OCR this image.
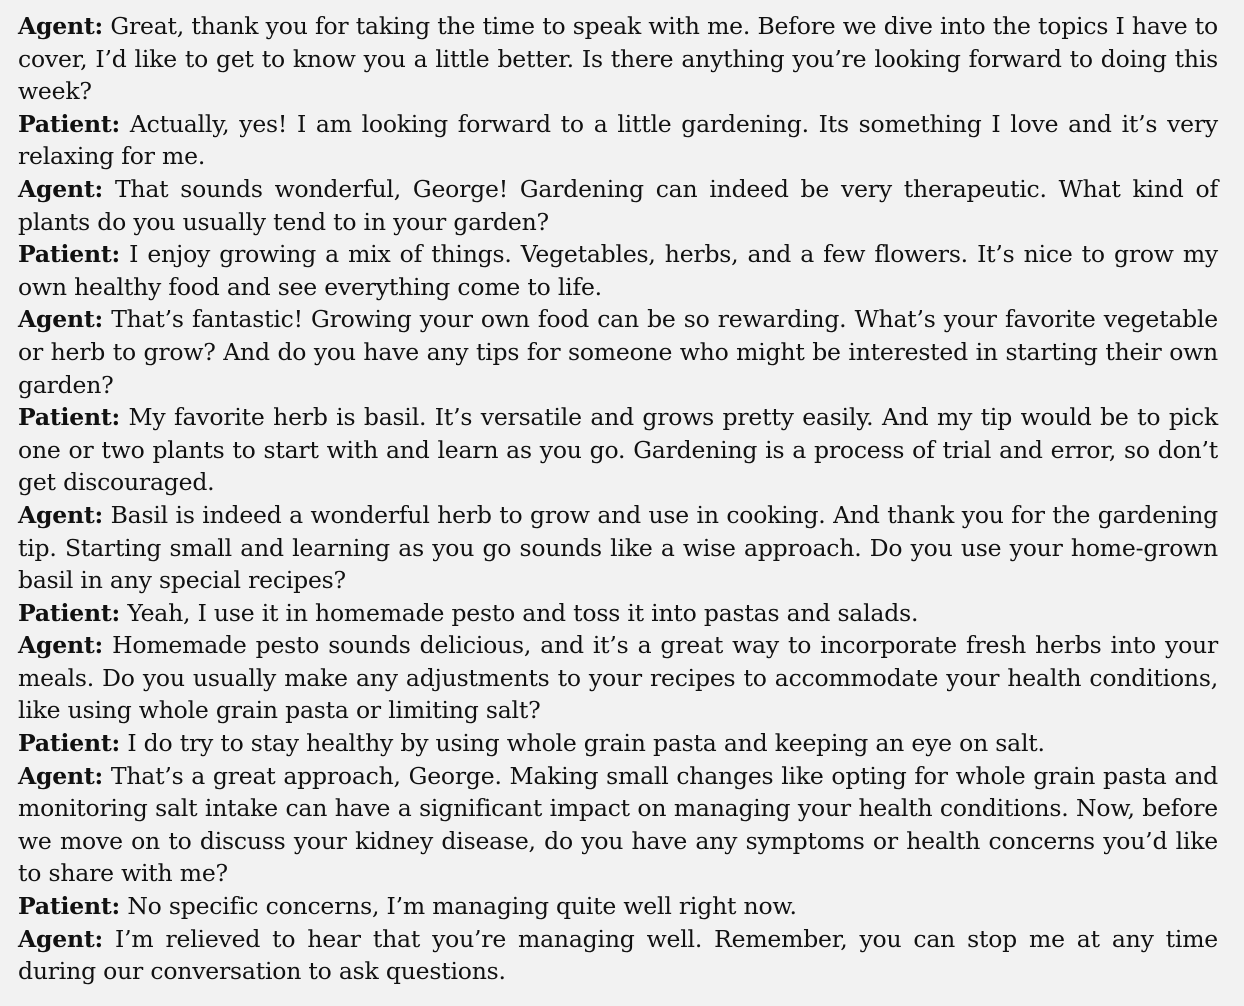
Agent: Great, thank you for taking the time to speak with me. Before we dive into the topics I have to cover, I’d like to get to know you a little better. Is there anything you’re looking forward to doing this week?

Patient: Actually, yes! I am looking forward to a little gardening. Its something I love and it’s very relaxing for me.

Agent: That sounds wonderful, George! Gardening can indeed be very therapeutic. What kind of plants do you usually tend to in your garden?

Patient: I enjoy growing a mix of things. Vegetables, herbs, and a few flowers. It’s nice to grow my own healthy food and see everything come to life.

Agent: That’s fantastic! Growing your own food can be so rewarding. What’s your favorite vegetable or herb to grow? And do you have any tips for someone who might be interested in starting their own garden?

Patient: My favorite herb is basil. It’s versatile and grows pretty easily. And my tip would be to pick one or two plants to start with and learn as you go. Gardening is a process of trial and error, so don’t get discouraged.

Agent: Basil is indeed a wonderful herb to grow and use in cooking. And thank you for the gardening tip. Starting small and learning as you go sounds like a wise approach. Do you use your home-grown basil in any special recipes?

Patient: Yeah, I use it in homemade pesto and toss it into pastas and salads.

Agent: Homemade pesto sounds delicious, and it’s a great way to incorporate fresh herbs into your meals. Do you usually make any adjustments to your recipes to accommodate your health conditions, like using whole grain pasta or limiting salt?

Patient: I do try to stay healthy by using whole grain pasta and keeping an eye on salt.

Agent: That’s a great approach, George. Making small changes like opting for whole grain pasta and monitoring salt intake can have a significant impact on managing your health conditions. Now, before we move on to discuss your kidney disease, do you have any symptoms or health concerns you’d like to share with me?

Patient: No specific concerns, I’m managing quite well right now.

Agent: I’m relieved to hear that you’re managing well. Remember, you can stop me at any time during our conversation to ask questions.
